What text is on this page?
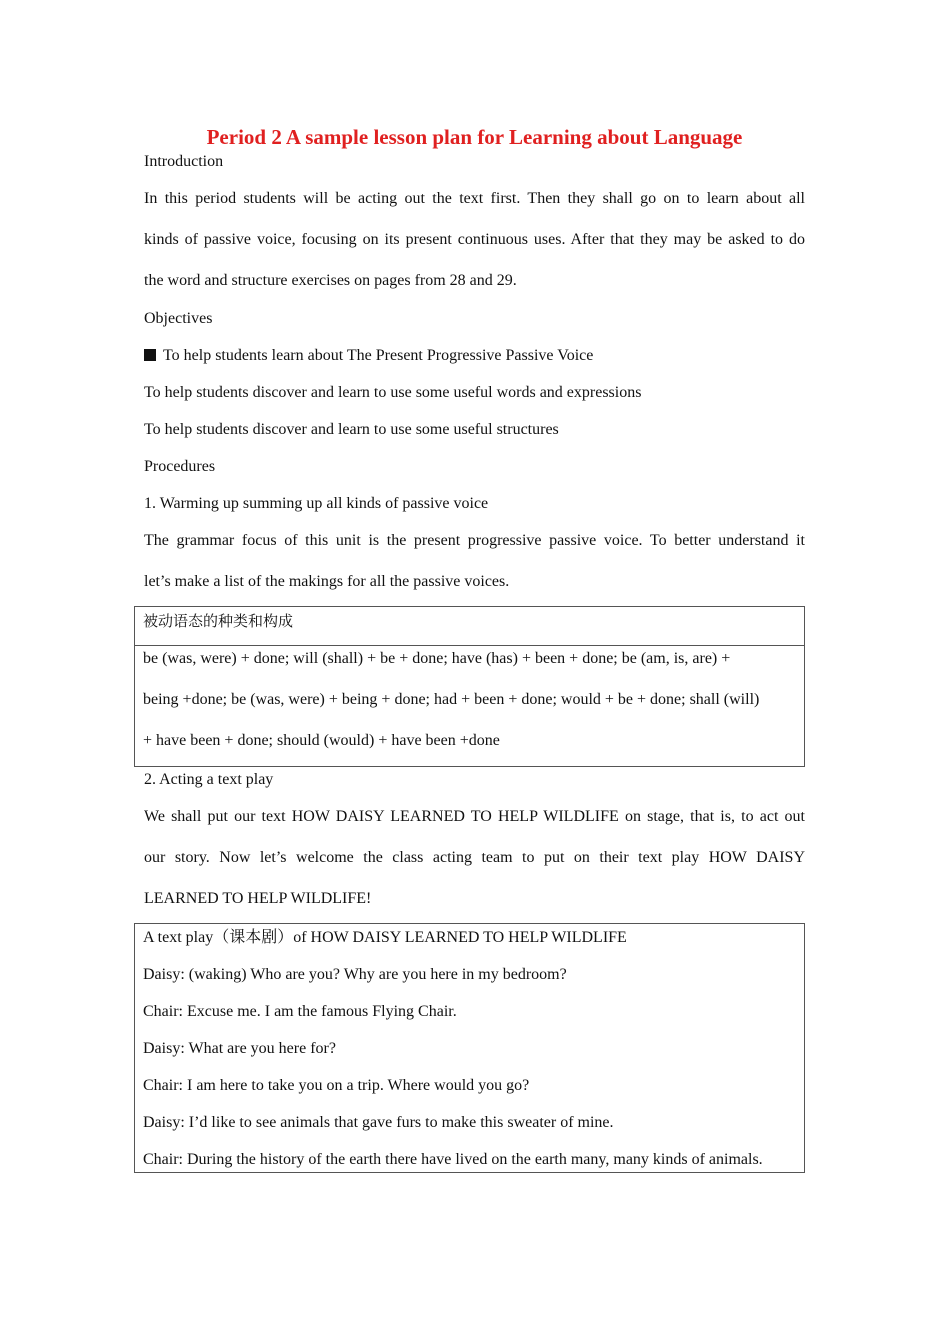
Period 2 A sample lesson plan for Learning about Language
Introduction
In this period students will be acting out the text first. Then they shall go on to learn about all
kinds of passive voice, focusing on its present continuous uses. After that they may be asked to do
the word and structure exercises on pages from 28 and 29.
Objectives
To help students learn about The Present Progressive Passive Voice
To help students discover and learn to use some useful words and expressions
To help students discover and learn to use some useful structures
Procedures
1. Warming up summing up all kinds of passive voice
The grammar focus of this unit is the present progressive passive voice. To better understand it
let’s make a list of the makings for all the passive voices.
被动语态的种类和构成
be (was, were) + done; will (shall) + be + done; have (has) + been + done; be (am, is, are) +
being +done; be (was, were) + being + done; had + been + done; would + be + done; shall (will)
+ have been + done; should (would) + have been +done
2. Acting a text play
We shall put our text HOW DAISY LEARNED TO HELP WILDLIFE on stage, that is, to act out
our story. Now let’s welcome the class acting team to put on their text play HOW DAISY
LEARNED TO HELP WILDLIFE!
A text play（课本剧）of HOW DAISY LEARNED TO HELP WILDLIFE
Daisy: (waking) Who are you? Why are you here in my bedroom?
Chair: Excuse me. I am the famous Flying Chair.
Daisy: What are you here for?
Chair: I am here to take you on a trip. Where would you go?
Daisy: I’d like to see animals that gave furs to make this sweater of mine.
Chair: During the history of the earth there have lived on the earth many, many kinds of animals.
